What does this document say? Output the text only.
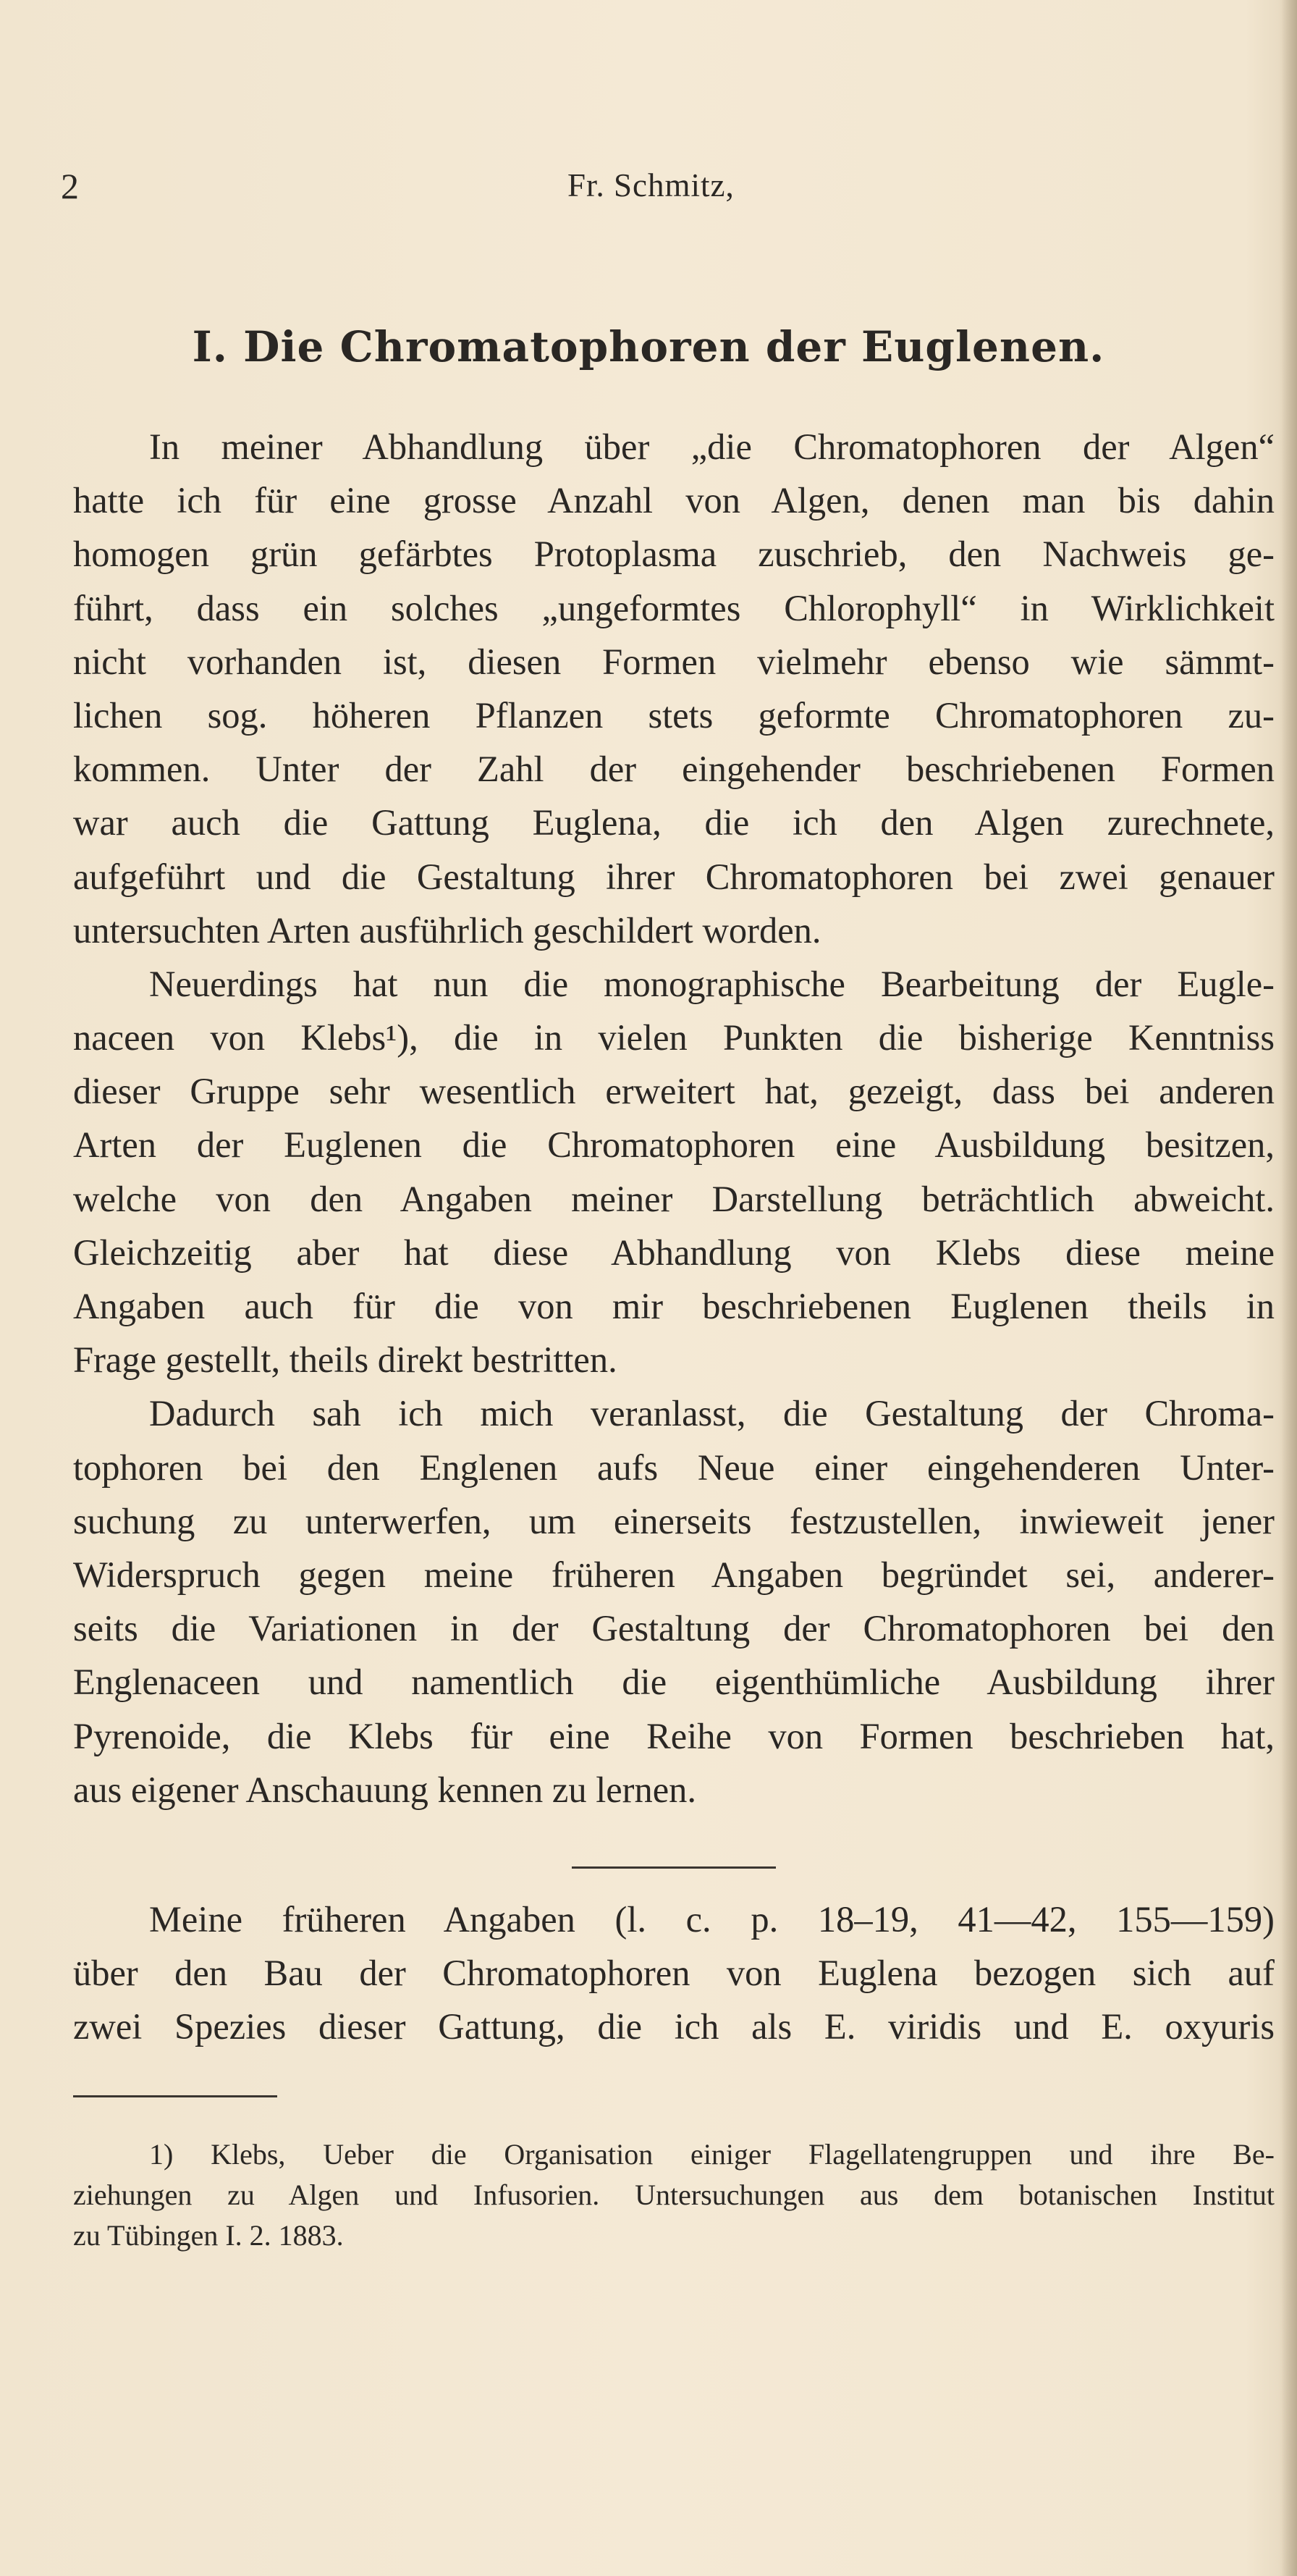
2	Fr. Schmitz,
I. Die Chromatophoren der Euglenen.
In meiner Abhandlung über „die Chromatophoren der Algen“
hatte ich für eine grosse Anzahl von Algen, denen man bis dahin
homogen grün gefärbtes Protoplasma zuschrieb, den Nachweis ge-
führt, dass ein solches „ungeformtes Chlorophyll“ in Wirklichkeit
nicht vorhanden ist, diesen Formen vielmehr ebenso wie sämmt-
lichen sog. höheren Pflanzen stets geformte Chromatophoren zu-
kommen. Unter der Zahl der eingehender beschriebenen Formen
war auch die Gattung Euglena, die ich den Algen zurechnete,
aufgeführt und die Gestaltung ihrer Chromatophoren bei zwei genauer
untersuchten Arten ausführlich geschildert worden.
Neuerdings hat nun die monographische Bearbeitung der Eugle-
naceen von Klebs¹), die in vielen Punkten die bisherige Kenntniss
dieser Gruppe sehr wesentlich erweitert hat, gezeigt, dass bei anderen
Arten der Euglenen die Chromatophoren eine Ausbildung besitzen,
welche von den Angaben meiner Darstellung beträchtlich abweicht.
Gleichzeitig aber hat diese Abhandlung von Klebs diese meine
Angaben auch für die von mir beschriebenen Euglenen theils in
Frage gestellt, theils direkt bestritten.
Dadurch sah ich mich veranlasst, die Gestaltung der Chroma-
tophoren bei den Englenen aufs Neue einer eingehenderen Unter-
suchung zu unterwerfen, um einerseits festzustellen, inwieweit jener
Widerspruch gegen meine früheren Angaben begründet sei, anderer-
seits die Variationen in der Gestaltung der Chromatophoren bei den
Englenaceen und namentlich die eigenthümliche Ausbildung ihrer
Pyrenoide, die Klebs für eine Reihe von Formen beschrieben hat,
aus eigener Anschauung kennen zu lernen.
Meine früheren Angaben (l. c. p. 18–19, 41—42, 155—159)
über den Bau der Chromatophoren von Euglena bezogen sich auf
zwei Spezies dieser Gattung, die ich als E. viridis und E. oxyuris
1) Klebs, Ueber die Organisation einiger Flagellatengruppen und ihre Be-
ziehungen zu Algen und Infusorien. Untersuchungen aus dem botanischen Institut
zu Tübingen I. 2. 1883.
